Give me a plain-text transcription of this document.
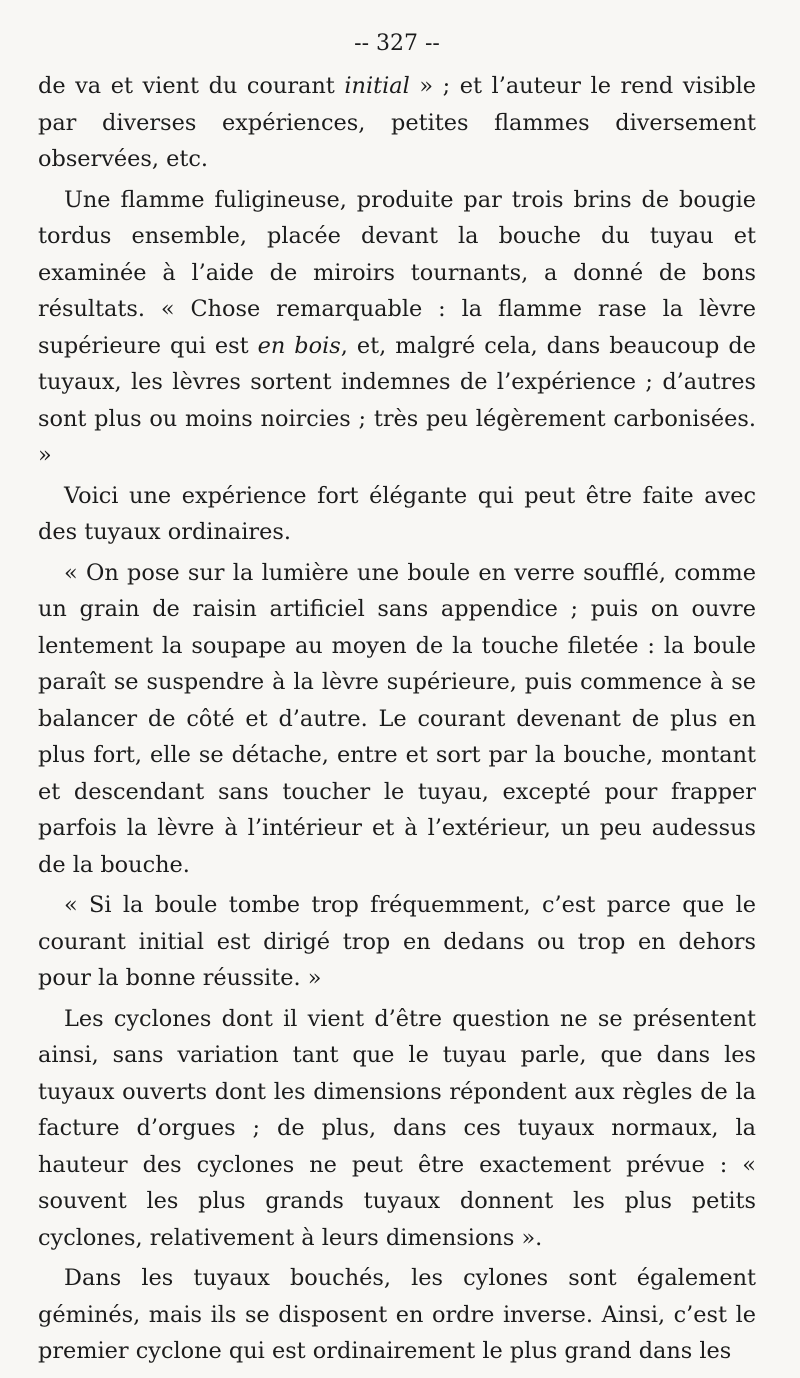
-- 327 --

de va et vient du courant initial » ; et l’auteur le rend visible par diverses expériences, petites flammes diversement observées, etc.

Une flamme fuligineuse, produite par trois brins de bougie tordus ensemble, placée devant la bouche du tuyau et examinée à l’aide de miroirs tournants, a donné de bons résultats. « Chose remarquable : la flamme rase la lèvre supérieure qui est en bois, et, malgré cela, dans beaucoup de tuyaux, les lèvres sortent indemnes de l’expérience ; d’autres sont plus ou moins noircies ; très peu légèrement carbonisées. »

Voici une expérience fort élégante qui peut être faite avec des tuyaux ordinaires.

« On pose sur la lumière une boule en verre soufflé, comme un grain de raisin artificiel sans appendice ; puis on ouvre lentement la soupape au moyen de la touche filetée : la boule paraît se suspendre à la lèvre supérieure, puis commence à se balancer de côté et d’autre. Le courant devenant de plus en plus fort, elle se détache, entre et sort par la bouche, montant et descendant sans toucher le tuyau, excepté pour frapper parfois la lèvre à l’intérieur et à l’extérieur, un peu audessus de la bouche.

« Si la boule tombe trop fréquemment, c’est parce que le courant initial est dirigé trop en dedans ou trop en dehors pour la bonne réussite. »

Les cyclones dont il vient d’être question ne se présentent ainsi, sans variation tant que le tuyau parle, que dans les tuyaux ouverts dont les dimensions répondent aux règles de la facture d’orgues ; de plus, dans ces tuyaux normaux, la hauteur des cyclones ne peut être exactement prévue : « souvent les plus grands tuyaux donnent les plus petits cyclones, relativement à leurs dimensions ».

Dans les tuyaux bouchés, les cylones sont également géminés, mais ils se disposent en ordre inverse. Ainsi, c’est le premier cyclone qui est ordinairement le plus grand dans les
